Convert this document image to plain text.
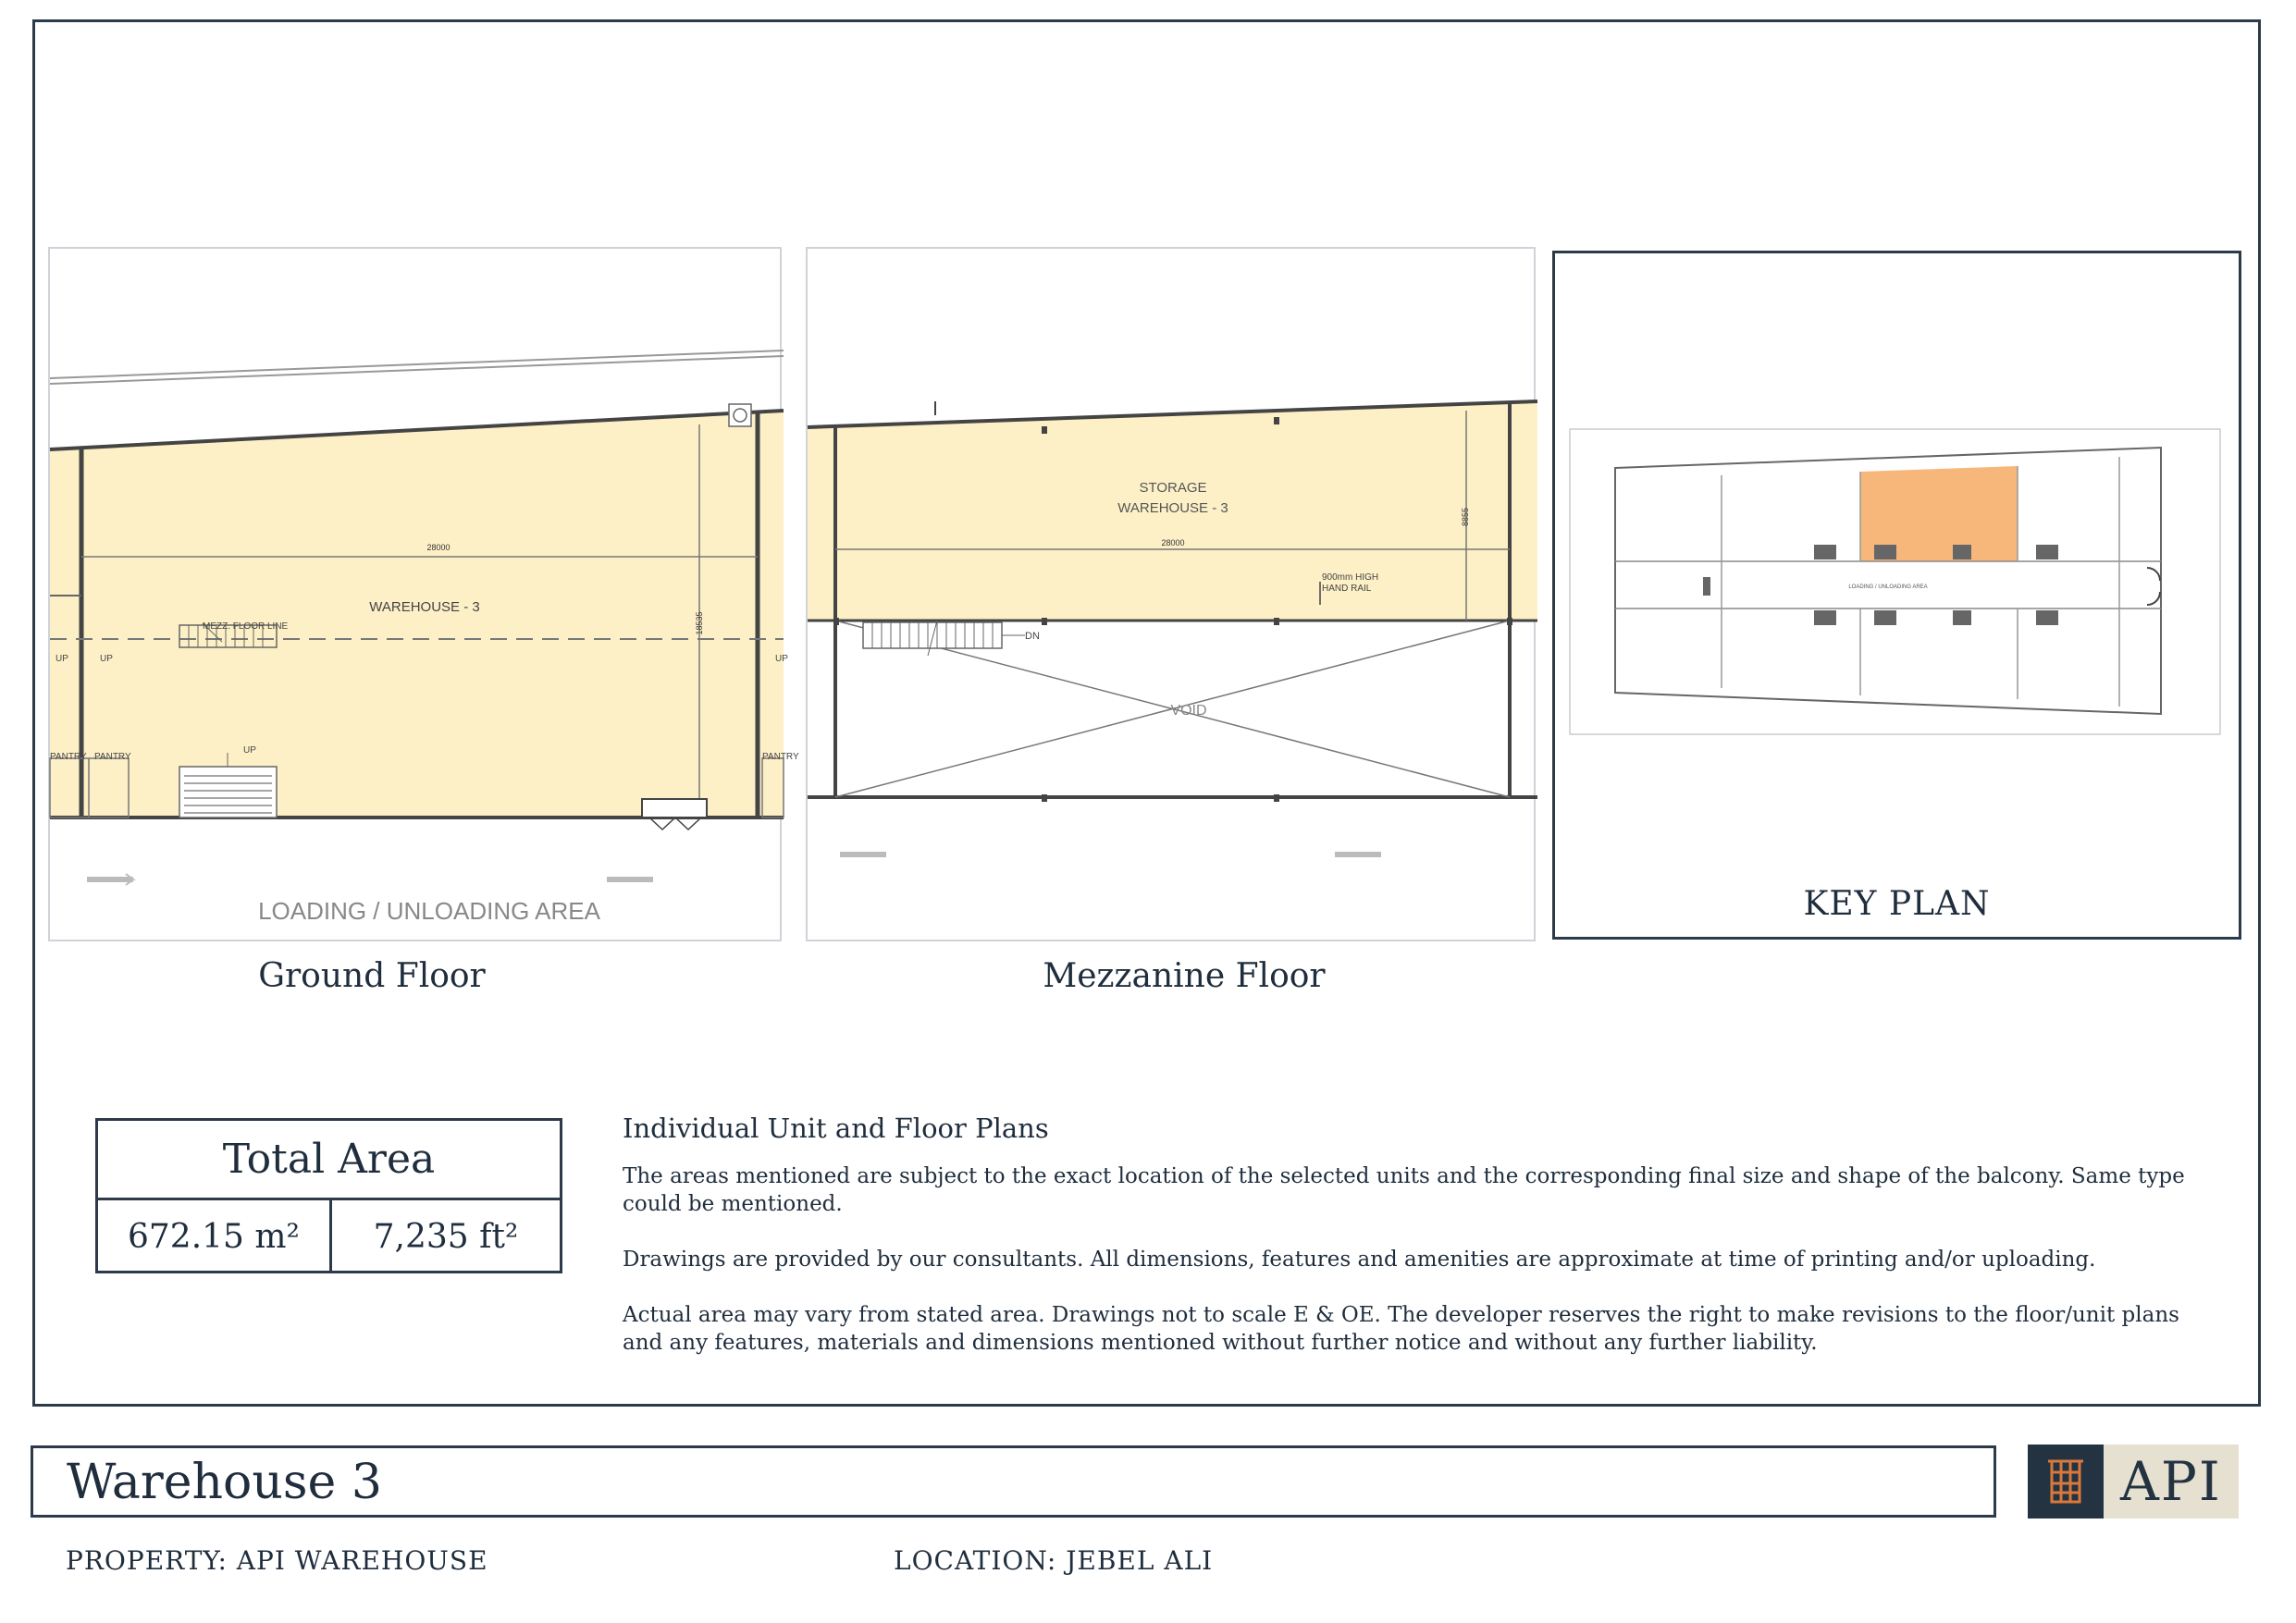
28000
18535
WAREHOUSE - 3
MEZZ. FLOOR LINE
UP	UP	UP
UP
PANTRY PANTRY	PANTRY
LOADING / UNLOADING AREA
Ground Floor
STORAGE
WAREHOUSE - 3
28000
8855
900mm HIGH
HAND RAIL
DN
VOID
Mezzanine Floor
LOADING / UNLOADING AREA
KEY PLAN
Total Area
672.15 m²	7,235 ft²
Individual Unit and Floor Plans

The areas mentioned are subject to the exact location of the selected units and the corresponding final size and shape of the balcony. Same type could be mentioned.

Drawings are provided by our consultants. All dimensions, features and amenities are approximate at time of printing and/or uploading.

Actual area may vary from stated area. Drawings not to scale E & OE. The developer reserves the right to make revisions to the floor/unit plans and any features, materials and dimensions mentioned without further notice and without any further liability.

Warehouse 3	API
PROPERTY: API WAREHOUSE	LOCATION: JEBEL ALI
